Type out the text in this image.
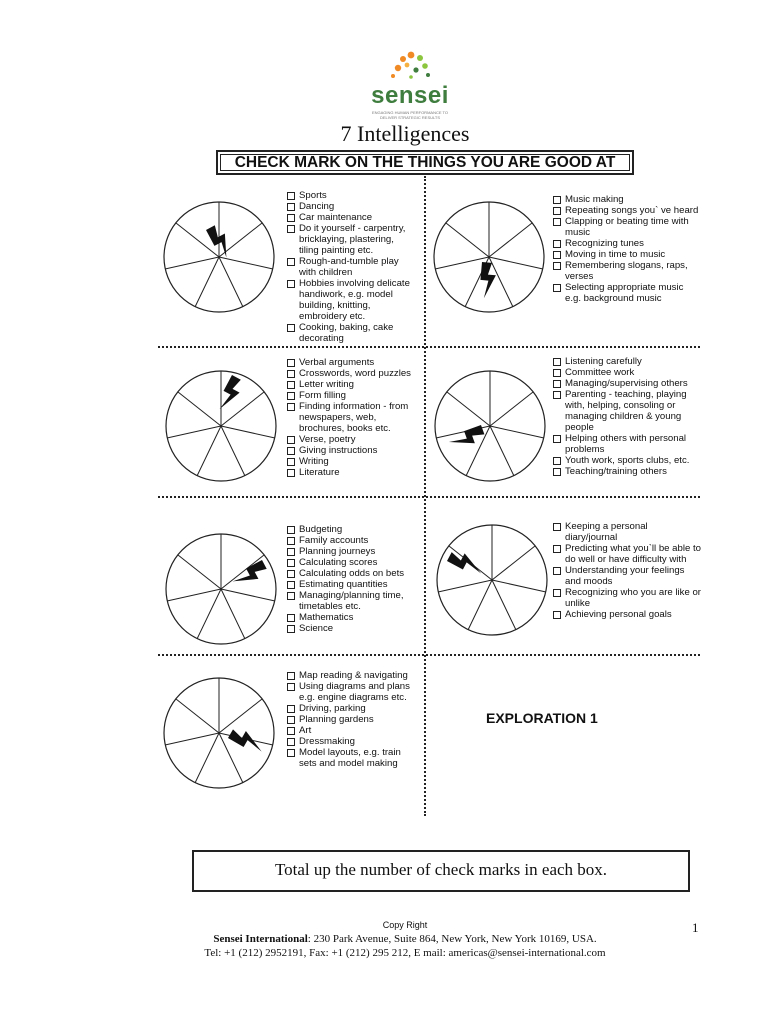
sensei
ENGAGING HUMAN PERFORMANCE TO DELIVER STRATEGIC RESULTS
7 Intelligences
CHECK MARK ON THE THINGS YOU ARE GOOD AT
Sports
Dancing
Car maintenance
Do it yourself - carpentry, bricklaying, plastering, tiling painting etc.
Rough-and-tumble play with children
Hobbies involving delicate handiwork, e.g. model building, knitting, embroidery etc.
Cooking, baking, cake decorating
Music making
Repeating songs you` ve heard
Clapping or beating time with music
Recognizing tunes
Moving in time to music
Remembering slogans, raps, verses
Selecting appropriate music e.g. background music
Verbal arguments
Crosswords, word puzzles
Letter writing
Form filling
Finding information - from newspapers, web, brochures, books etc.
Verse, poetry
Giving instructions
Writing
Literature
Listening carefully
Committee work
Managing/supervising others
Parenting - teaching, playing with, helping, consoling or managing children & young people
Helping others with personal problems
Youth work, sports clubs, etc.
Teaching/training others
Budgeting
Family accounts
Planning journeys
Calculating scores
Calculating odds on bets
Estimating quantities
Managing/planning time, timetables etc.
Mathematics
Science
Keeping a personal diary/journal
Predicting what you`ll be able to do well or have difficulty with
Understanding your feelings and moods
Recognizing who you are like or unlike
Achieving personal goals
Map reading & navigating
Using diagrams and plans e.g. engine diagrams etc.
Driving, parking
Planning gardens
Art
Dressmaking
Model layouts, e.g. train sets and model making
EXPLORATION 1
Total up the number of check marks in each box.
Copy Right
Sensei International: 230 Park Avenue, Suite 864, New York, New York 10169, USA.
Tel: +1 (212) 2952191, Fax: +1 (212) 295 212, E mail: americas@sensei-international.com
1
